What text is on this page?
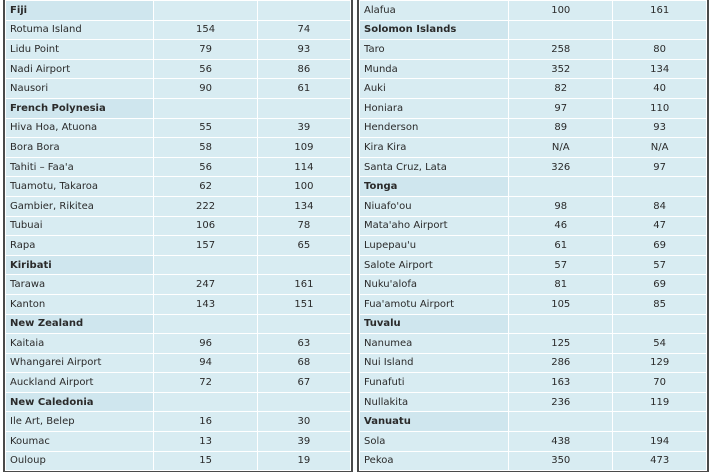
Fiji		
Rotuma Island	154	74
Lidu Point	79	93
Nadi Airport	56	86
Nausori	90	61
French Polynesia		
Hiva Hoa, Atuona	55	39
Bora Bora	58	109
Tahiti – Faa'a	56	114
Tuamotu, Takaroa	62	100
Gambier, Rikitea	222	134
Tubuai	106	78
Rapa	157	65
Kiribati		
Tarawa	247	161
Kanton	143	151
New Zealand		
Kaitaia	96	63
Whangarei Airport	94	68
Auckland Airport	72	67
New Caledonia		
Ile Art, Belep	16	30
Koumac	13	39
Ouloup	15	19
Alafua	100	161
Solomon Islands		
Taro	258	80
Munda	352	134
Auki	82	40
Honiara	97	110
Henderson	89	93
Kira Kira	N/A	N/A
Santa Cruz, Lata	326	97
Tonga		
Niuafo'ou	98	84
Mata'aho Airport	46	47
Lupepau'u	61	69
Salote Airport	57	57
Nuku'alofa	81	69
Fua'amotu Airport	105	85
Tuvalu		
Nanumea	125	54
Nui Island	286	129
Funafuti	163	70
Nullakita	236	119
Vanuatu		
Sola	438	194
Pekoa	350	473
